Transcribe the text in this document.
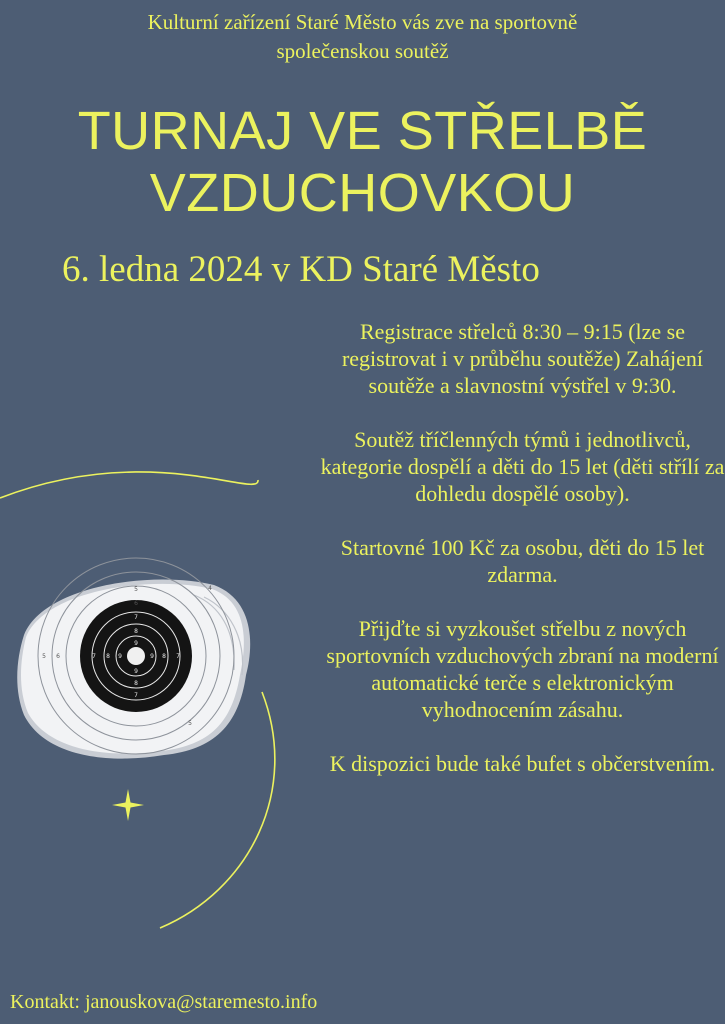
Kulturní zařízení Staré Město vás zve na sportovně
společenskou soutěž
TURNAJ VE STŘELBĚ
VZDUCHOVKOU
6. ledna 2024 v KD Staré Město

Registrace střelců 8:30 – 9:15 (lze se registrovat i v průběhu soutěže) Zahájení soutěže a slavnostní výstřel v 9:30.

Soutěž tříčlenných týmů i jednotlivců, kategorie dospělí a děti do 15 let (děti střílí za dohledu dospělé osoby).

Startovné 100 Kč za osobu, děti do 15 let zdarma.

Přijďte si vyzkoušet střelbu z nových sportovních vzduchových zbraní na moderní automatické terče s elektronickým vyhodnocením zásahu.

K dispozici bude také bufet s občerstvením.

7
8
9
7
8
9
7 8 9	7
8
9
5
6
5 6
4
5
Kontakt: janouskova@staremesto.info
